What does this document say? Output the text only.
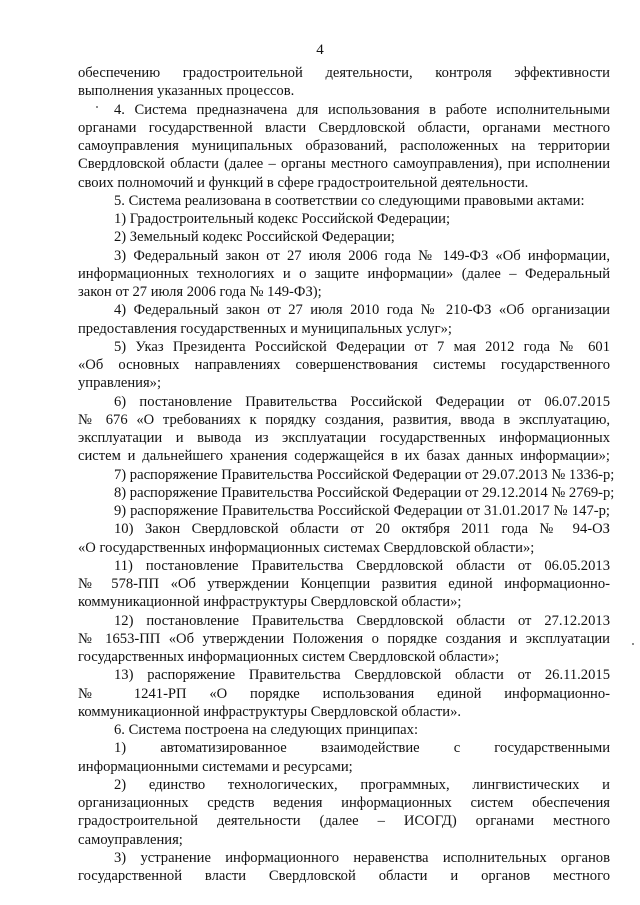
4
обеспечению градостроительной деятельности, контроля эффективности
выполнения указанных процессов.
4. Система предназначена для использования в работе исполнительными
органами государственной власти Свердловской области, органами местного
самоуправления муниципальных образований, расположенных на территории
Свердловской области (далее – органы местного самоуправления), при исполнении
своих полномочий и функций в сфере градостроительной деятельности.
5. Система реализована в соответствии со следующими правовыми актами:
1) Градостроительный кодекс Российской Федерации;
2) Земельный кодекс Российской Федерации;
3) Федеральный закон от 27 июля 2006 года № 149-ФЗ «Об информации,
информационных технологиях и о защите информации» (далее – Федеральный
закон от 27 июля 2006 года № 149-ФЗ);
4) Федеральный закон от 27 июля 2010 года № 210-ФЗ «Об организации
предоставления государственных и муниципальных услуг»;
5) Указ Президента Российской Федерации от 7 мая 2012 года № 601
«Об основных направлениях совершенствования системы государственного
управления»;
6) постановление Правительства Российской Федерации от 06.07.2015
№ 676 «О требованиях к порядку создания, развития, ввода в эксплуатацию,
эксплуатации и вывода из эксплуатации государственных информационных
систем и дальнейшего хранения содержащейся в их базах данных информации»;
7) распоряжение Правительства Российской Федерации от 29.07.2013 № 1336-р;
8) распоряжение Правительства Российской Федерации от 29.12.2014 № 2769-р;
9) распоряжение Правительства Российской Федерации от 31.01.2017 № 147-р;
10) Закон Свердловской области от 20 октября 2011 года № 94-ОЗ
«О государственных информационных системах Свердловской области»;
11) постановление Правительства Свердловской области от 06.05.2013
№ 578-ПП «Об утверждении Концепции развития единой информационно-
коммуникационной инфраструктуры Свердловской области»;
12) постановление Правительства Свердловской области от 27.12.2013
№ 1653-ПП «Об утверждении Положения о порядке создания и эксплуатации
государственных информационных систем Свердловской области»;
13) распоряжение Правительства Свердловской области от 26.11.2015
№ 1241-РП «О порядке использования единой информационно-
коммуникационной инфраструктуры Свердловской области».
6. Система построена на следующих принципах:
1) автоматизированное взаимодействие с государственными
информационными системами и ресурсами;
2) единство технологических, программных, лингвистических и
организационных средств ведения информационных систем обеспечения
градостроительной деятельности (далее – ИСОГД) органами местного
самоуправления;
3) устранение информационного неравенства исполнительных органов
государственной власти Свердловской области и органов местного
